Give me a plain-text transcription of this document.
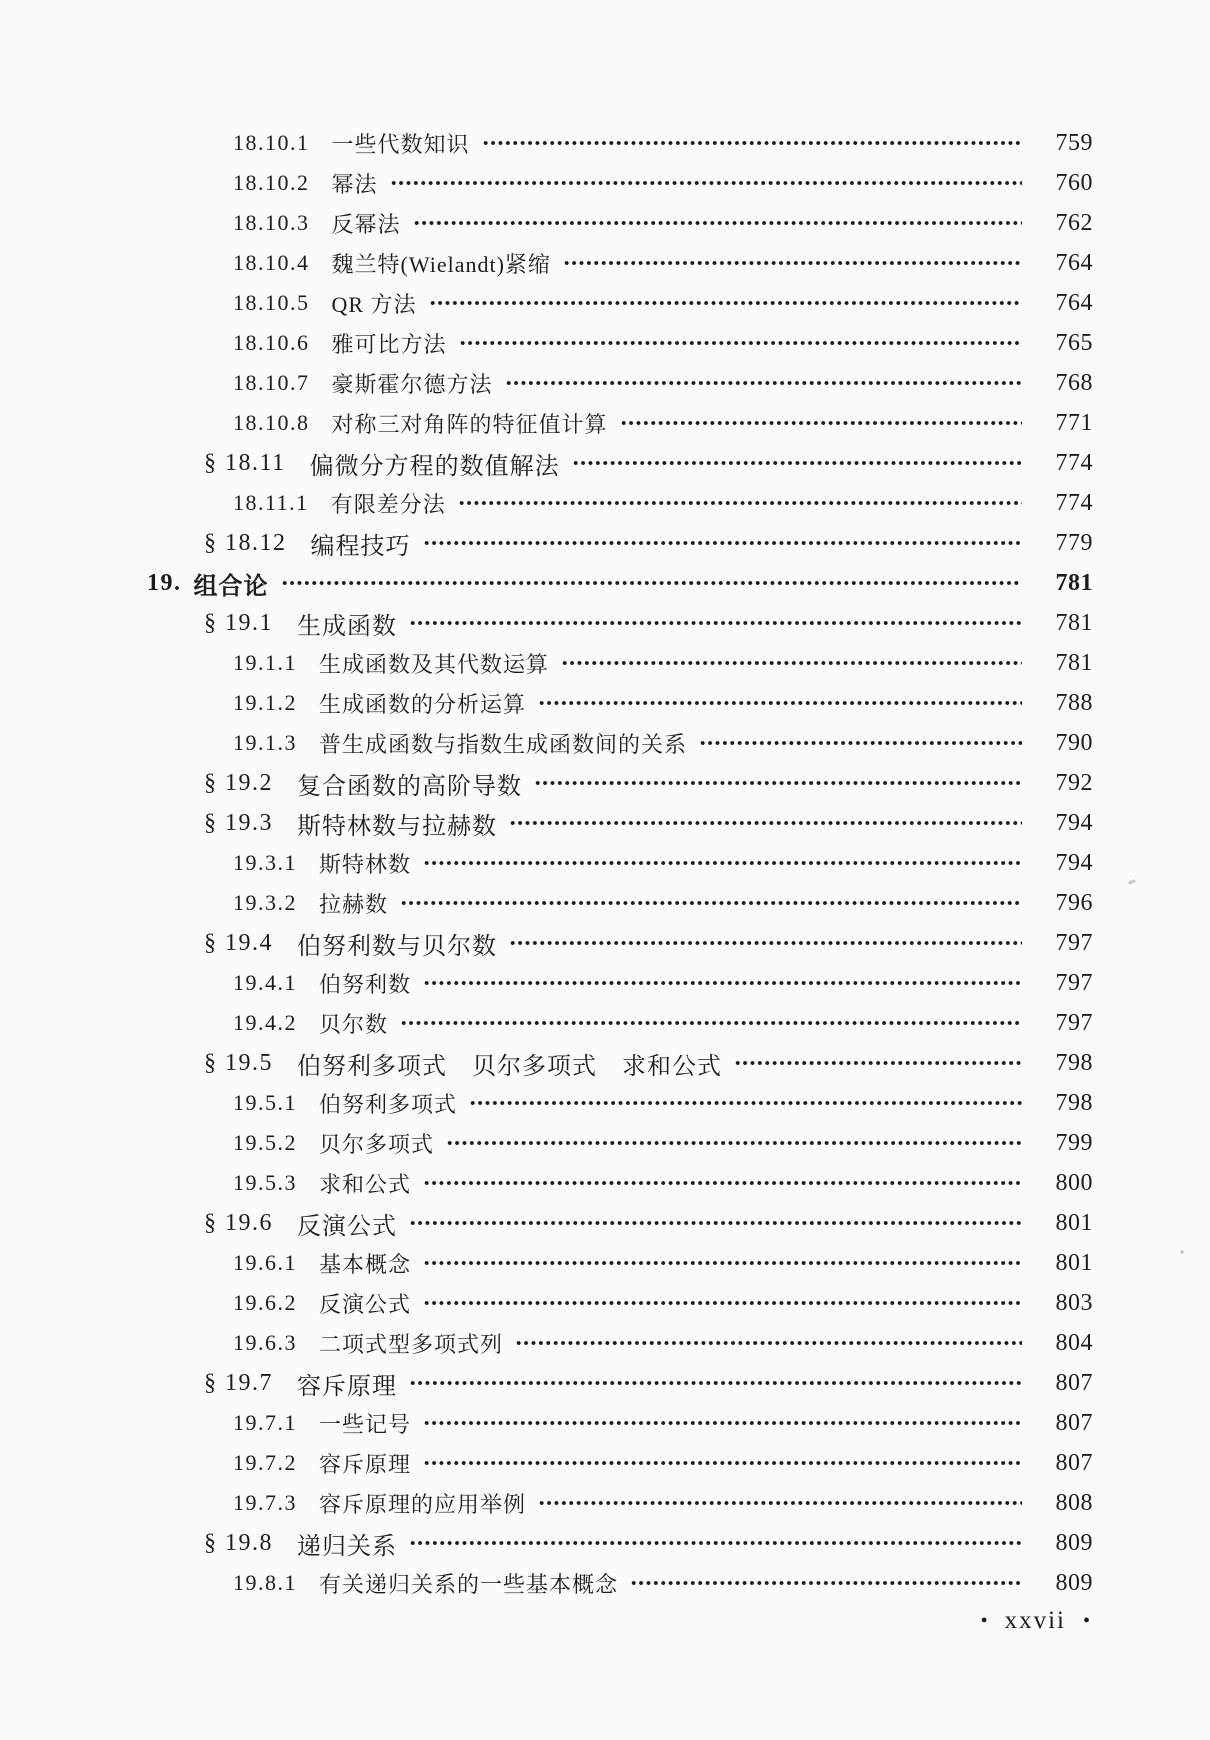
18.10.1 一些代数知识	759
18.10.2 幂法	760
18.10.3 反幂法	762
18.10.4 魏兰特(Wielandt)紧缩	764
18.10.5 QR 方法	764
18.10.6 雅可比方法	765
18.10.7 豪斯霍尔德方法	768
18.10.8 对称三对角阵的特征值计算	771
§ 18.11 偏微分方程的数值解法	774
18.11.1 有限差分法	774
§ 18.12 编程技巧	779
19. 组合论	781
§ 19.1 生成函数	781
19.1.1 生成函数及其代数运算	781
19.1.2 生成函数的分析运算	788
19.1.3 普生成函数与指数生成函数间的关系	790
§ 19.2 复合函数的高阶导数	792
§ 19.3 斯特林数与拉赫数	794
19.3.1 斯特林数	794
19.3.2 拉赫数	796
§ 19.4 伯努利数与贝尔数	797
19.4.1 伯努利数	797
19.4.2 贝尔数	797
§ 19.5 伯努利多项式　贝尔多项式　求和公式	798
19.5.1 伯努利多项式	798
19.5.2 贝尔多项式	799
19.5.3 求和公式	800
§ 19.6 反演公式	801
19.6.1 基本概念	801
19.6.2 反演公式	803
19.6.3 二项式型多项式列	804
§ 19.7 容斥原理	807
19.7.1 一些记号	807
19.7.2 容斥原理	807
19.7.3 容斥原理的应用举例	808
§ 19.8 递归关系	809
19.8.1 有关递归关系的一些基本概念	809
• xxvii •
